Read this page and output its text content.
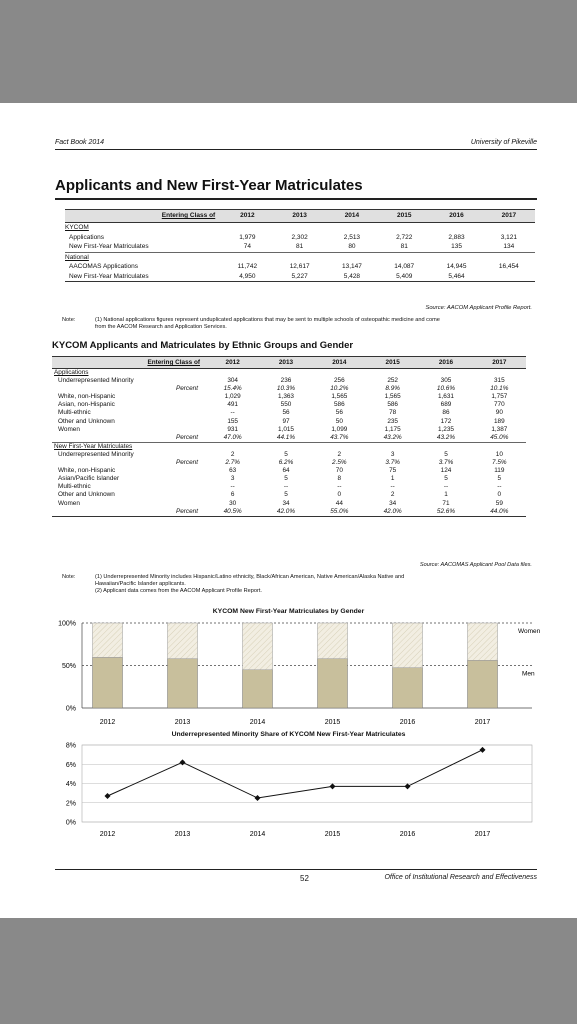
Fact Book 2014	University of Pikeville
Applicants and New First-Year Matriculates
Entering Class of	2012	2013	2014	2015	2016	2017
KYCOM						
Applications	1,979	2,302	2,513	2,722	2,883	3,121
New First-Year Matriculates	74	81	80	81	135	134
National						
AACOMAS Applications	11,742	12,617	13,147	14,087	14,945	16,454
New First-Year Matriculates	4,950	5,227	5,428	5,409	5,464	

Source: AACOM Applicant Profile Report.
Note:	(1) National applications figures represent unduplicated applications that may be sent to multiple schools of osteopathic medicine and come
from the AACOM Research and Application Services.
KYCOM Applicants and Matriculates by Ethnic Groups and Gender
Entering Class of	2012	2013	2014	2015	2016	2017
Applications						
Underrepresented Minority	304	236	256	252	305	315
Percent	15.4%	10.3%	10.2%	8.9%	10.6%	10.1%
White, non-Hispanic	1,029	1,363	1,565	1,565	1,631	1,757
Asian, non-Hispanic	491	550	586	586	689	770
Multi-ethnic	--	56	56	78	86	90
Other and Unknown	155	97	50	235	172	189
Women	931	1,015	1,099	1,175	1,235	1,387
Percent	47.0%	44.1%	43.7%	43.2%	43.2%	45.0%
New First-Year Matriculates						
Underrepresented Minority	2	5	2	3	5	10
Percent	2.7%	6.2%	2.5%	3.7%	3.7%	7.5%
White, non-Hispanic	63	64	70	75	124	119
Asian/Pacific Islander	3	5	8	1	5	5
Multi-ethnic	--	--	--	--	--	--
Other and Unknown	6	5	0	2	1	0
Women	30	34	44	34	71	59
Percent	40.5%	42.0%	55.0%	42.0%	52.6%	44.0%

Source: AACOMAS Applicant Pool Data files.
Note:	(1) Underrepresented Minority includes Hispanic/Latino ethnicity, Black/African American, Native American/Alaska Native and
Hawaiian/Pacific Islander applicants.
(2) Applicant data comes from the AACOM Applicant Profile Report.
KYCOM New First-Year Matriculates by Gender
0%
50%
100%
2012	2013	2014	2015	2016	2017
Women
Men
Underrepresented Minority Share of KYCOM New First-Year Matriculates
0%
2%
4%
6%
8%
2012	2013	2014	2015	2016	2017
52	Office of Institutional Research and Effectiveness
